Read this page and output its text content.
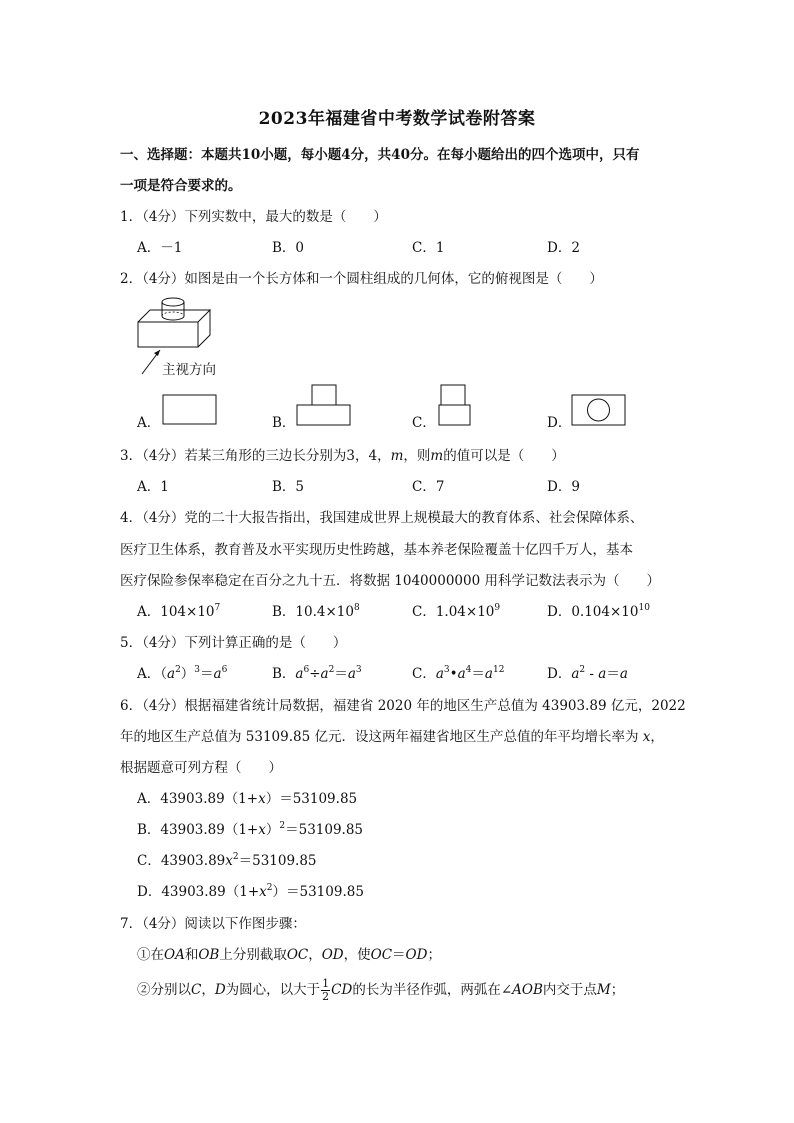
2023年福建省中考数学试卷附答案
一、选择题：本题共10小题，每小题4分，共40分。在每小题给出的四个选项中，只有
一项是符合要求的。
1．（4分）下列实数中，最大的数是（　　）
A．－1	B．0	C．1	D．2
2．（4分）如图是由一个长方体和一个圆柱组成的几何体，它的俯视图是（　　）
主视方向
A．	B．	C．	D．
3．（4分）若某三角形的三边长分别为3，4，m，则m的值可以是（　　）
A．1	B．5	C．7	D．9
4．（4分）党的二十大报告指出，我国建成世界上规模最大的教育体系、社会保障体系、
医疗卫生体系，教育普及水平实现历史性跨越，基本养老保险覆盖十亿四千万人，基本
医疗保险参保率稳定在百分之九十五．将数据 1040000000 用科学记数法表示为（　　）
A．$104\times 10^7$	B．$10.4\times 10^8$	C．$1.04\times 10^9$	D．$0.104\times 10^{10}$
5．（4分）下列计算正确的是（　　）
A．$(a^2)^3=a^6$	B．$a^6\div a^2=a^3$	C．$a^3•a^4=a^{12}$	D．$a^2 - a=a$
6．（4分）根据福建省统计局数据，福建省 2020 年的地区生产总值为 43903.89 亿元，2022
年的地区生产总值为 53109.85 亿元．设这两年福建省地区生产总值的年平均增长率为 x，
根据题意可列方程（　　）
A．43903.89（1+x）＝53109.85
B．$43903.89(1+x)^2=53109.85$
C．$43903.89x^2=53109.85$
D．$43903.89(1+x^2)=53109.85$
7．（4分）阅读以下作图步骤：
①在OA和OB上分别截取OC，OD，使OC＝OD；
②分别以C，D为圆心，以大于 $\frac{1}{2}$ CD的长为半径作弧，两弧在∠AOB内交于点M；
